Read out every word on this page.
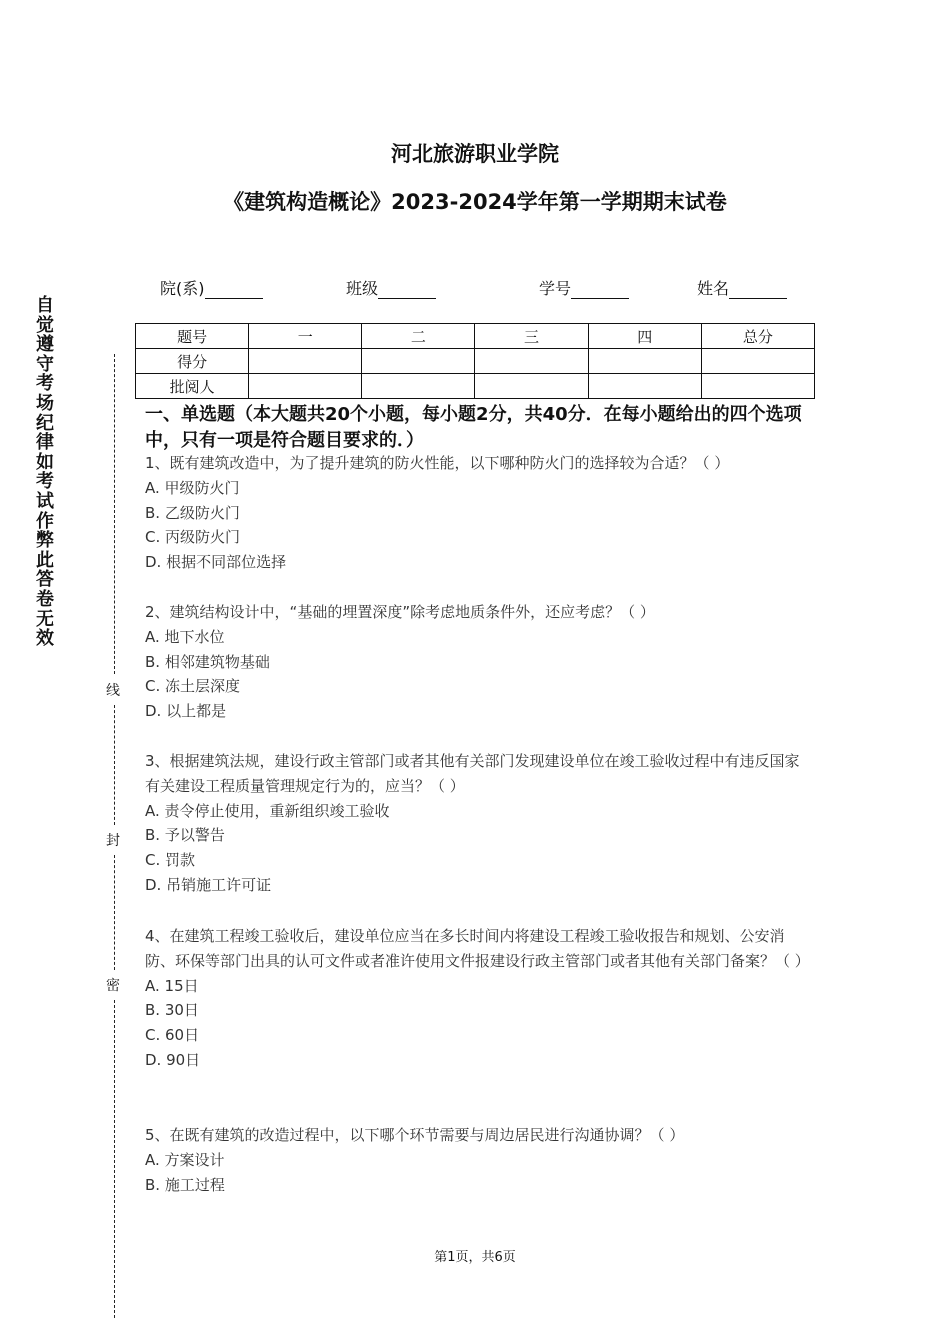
河北旅游职业学院
《建筑构造概论》2023-2024学年第一学期期末试卷
院(系)	班级	学号	姓名
题号	一	二	三	四	总分
得分					
批阅人					
自觉遵守考场纪律如考试作弊此答卷无效
线
封
密
一、单选题（本大题共20个小题，每小题2分，共40分．在每小题给出的四个选项中，只有一项是符合题目要求的．）

1、既有建筑改造中，为了提升建筑的防火性能，以下哪种防火门的选择较为合适？（ ）

A. 甲级防火门

B. 乙级防火门

C. 丙级防火门

D. 根据不同部位选择

2、建筑结构设计中，“基础的埋置深度”除考虑地质条件外，还应考虑？（ ）

A. 地下水位

B. 相邻建筑物基础

C. 冻土层深度

D. 以上都是

3、根据建筑法规，建设行政主管部门或者其他有关部门发现建设单位在竣工验收过程中有违反国家有关建设工程质量管理规定行为的，应当？（ ）

A. 责令停止使用，重新组织竣工验收

B. 予以警告

C. 罚款

D. 吊销施工许可证

4、在建筑工程竣工验收后，建设单位应当在多长时间内将建设工程竣工验收报告和规划、公安消防、环保等部门出具的认可文件或者准许使用文件报建设行政主管部门或者其他有关部门备案？（ ）

A. 15日

B. 30日

C. 60日

D. 90日

5、在既有建筑的改造过程中，以下哪个环节需要与周边居民进行沟通协调？（ ）

A. 方案设计

B. 施工过程

第1页，共6页
